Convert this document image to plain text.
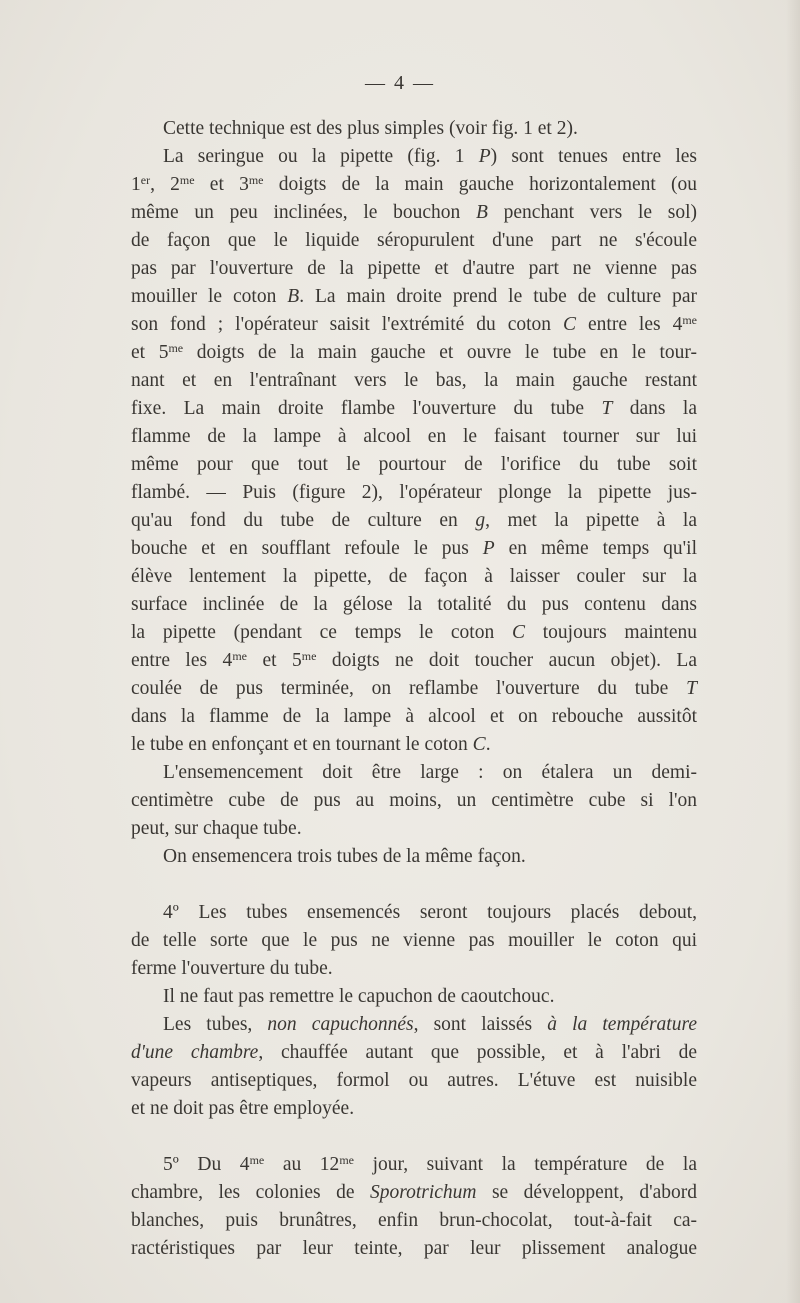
— 4 —
Cette technique est des plus simples (voir fig. 1 et 2).
La seringue ou la pipette (fig. 1 P) sont tenues entre les
1er, $2^{me}$ et $3^{me}$ doigts de la main gauche horizontalement (ou
même un peu inclinées, le bouchon B penchant vers le sol)
de façon que le liquide séropurulent d'une part ne s'écoule
pas par l'ouverture de la pipette et d'autre part ne vienne pas
mouiller le coton B. La main droite prend le tube de culture par
son fond ; l'opérateur saisit l'extrémité du coton C entre les $4^{me}$
et $5^{me}$ doigts de la main gauche et ouvre le tube en le tour-
nant et en l'entraînant vers le bas, la main gauche restant
fixe. La main droite flambe l'ouverture du tube T dans la
flamme de la lampe à alcool en le faisant tourner sur lui
même pour que tout le pourtour de l'orifice du tube soit
flambé. — Puis (figure 2), l'opérateur plonge la pipette jus-
qu'au fond du tube de culture en g, met la pipette à la
bouche et en soufflant refoule le pus P en même temps qu'il
élève lentement la pipette, de façon à laisser couler sur la
surface inclinée de la gélose la totalité du pus contenu dans
la pipette (pendant ce temps le coton C toujours maintenu
entre les $4^{me}$ et $5^{me}$ doigts ne doit toucher aucun objet). La
coulée de pus terminée, on reflambe l'ouverture du tube T
dans la flamme de la lampe à alcool et on rebouche aussitôt
le tube en enfonçant et en tournant le coton C.
L'ensemencement doit être large : on étalera un demi-
centimètre cube de pus au moins, un centimètre cube si l'on
peut, sur chaque tube.
On ensemencera trois tubes de la même façon.
4º Les tubes ensemencés seront toujours placés debout,
de telle sorte que le pus ne vienne pas mouiller le coton qui
ferme l'ouverture du tube.
Il ne faut pas remettre le capuchon de caoutchouc.
Les tubes, non capuchonnés, sont laissés à la température
d'une chambre, chauffée autant que possible, et à l'abri de
vapeurs antiseptiques, formol ou autres. L'étuve est nuisible
et ne doit pas être employée.
5º Du $4^{me}$ au $12^{me}$ jour, suivant la température de la
chambre, les colonies de Sporotrichum se développent, d'abord
blanches, puis brunâtres, enfin brun-chocolat, tout-à-fait ca-
ractéristiques par leur teinte, par leur plissement analogue
